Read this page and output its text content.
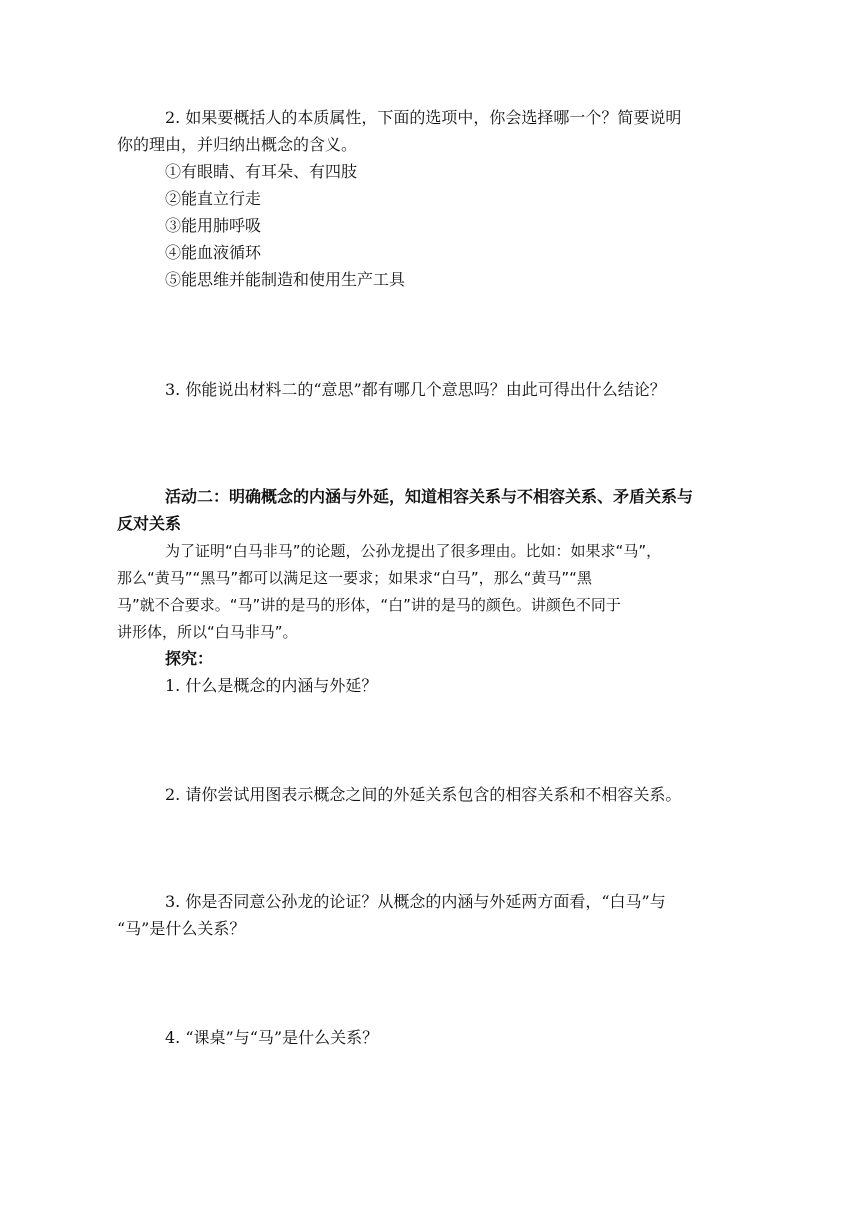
2. 如果要概括人的本质属性，下面的选项中，你会选择哪一个？简要说明
你的理由，并归纳出概念的含义。
①有眼睛、有耳朵、有四肢
②能直立行走
③能用肺呼吸
④能血液循环
⑤能思维并能制造和使用生产工具
3. 你能说出材料二的“意思”都有哪几个意思吗？由此可得出什么结论？
活动二：明确概念的内涵与外延，知道相容关系与不相容关系、矛盾关系与
反对关系
为了证明“白马非马”的论题，公孙龙提出了很多理由。比如：如果求“马”，
那么“黄马”“黑马”都可以满足这一要求；如果求“白马”，那么“黄马”“黑
马”就不合要求。“马”讲的是马的形体，“白”讲的是马的颜色。讲颜色不同于
讲形体，所以“白马非马”。
探究：
1. 什么是概念的内涵与外延？
2. 请你尝试用图表示概念之间的外延关系包含的相容关系和不相容关系。
3. 你是否同意公孙龙的论证？从概念的内涵与外延两方面看，“白马”与
“马”是什么关系？
4. “课桌”与“马”是什么关系？
